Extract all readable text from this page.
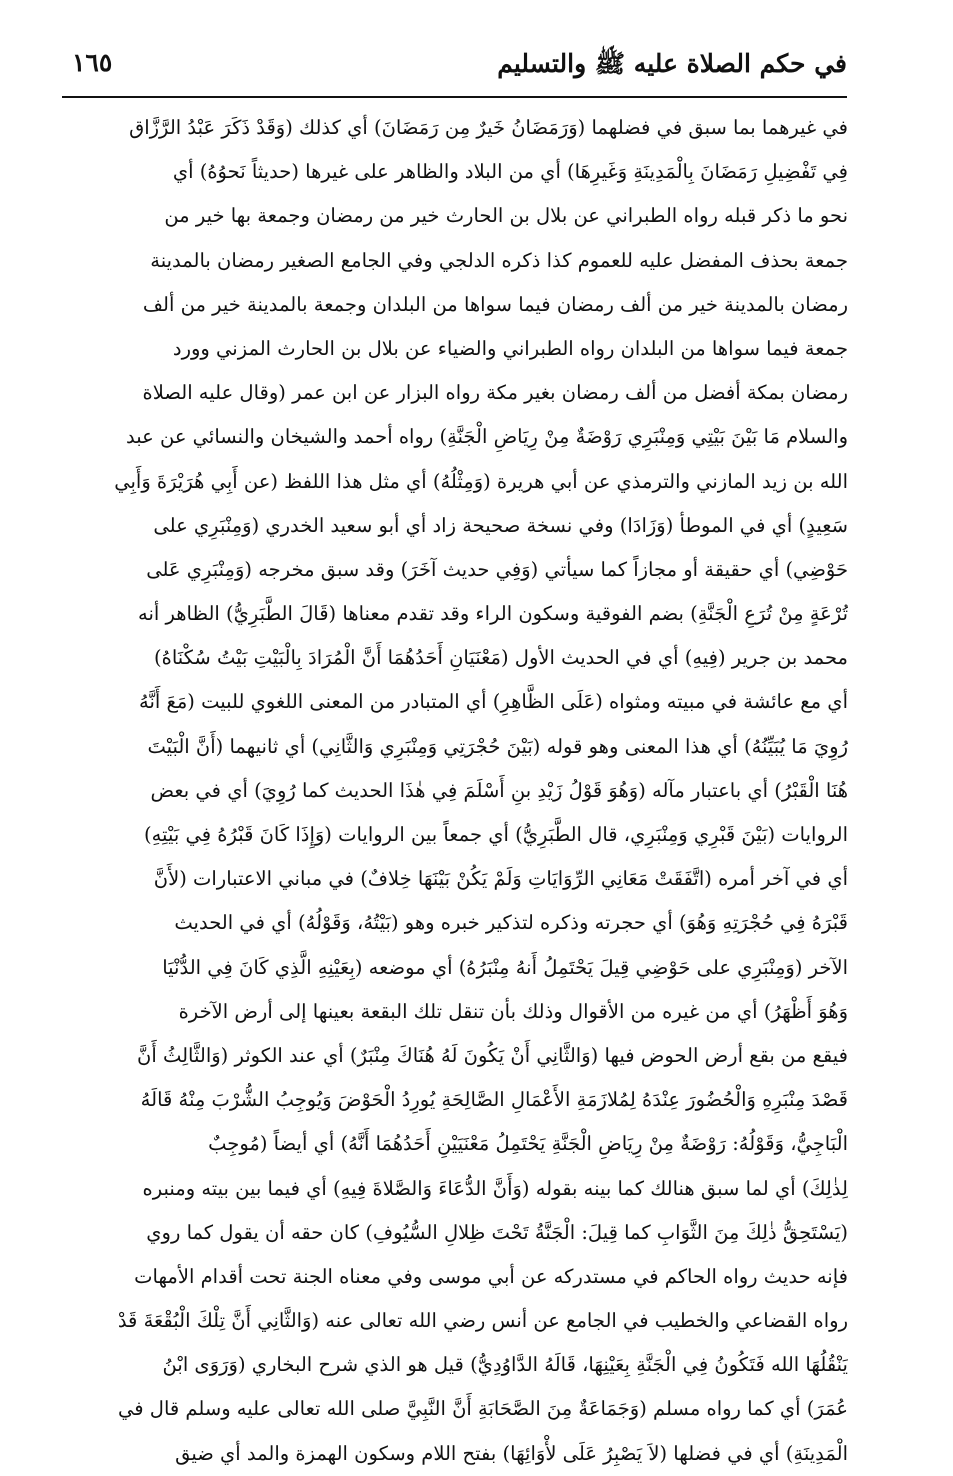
في حكم الصلاة عليه ﷺ والتسليم
١٦٥
في غيرهما بما سبق في فضلهما (وَرَمَضَانُ خَيرٌ مِن رَمَضَانَ) أي كذلك (وَقَدْ ذَكَرَ عَبْدُ الرَّزَّاق
فِي تَفْضِيلِ رَمَضَانَ بِالْمَدِينَةِ وَغَيرِهَا) أي من البلاد والظاهر على غيرها (حديثاً نَحوُهُ) أي
نحو ما ذكر قبله رواه الطبراني عن بلال بن الحارث خير من رمضان وجمعة بها خير من
جمعة بحذف المفضل عليه للعموم كذا ذكره الدلجي وفي الجامع الصغير رمضان بالمدينة
رمضان بالمدينة خير من ألف رمضان فيما سواها من البلدان وجمعة بالمدينة خير من ألف
جمعة فيما سواها من البلدان رواه الطبراني والضياء عن بلال بن الحارث المزني وورد
رمضان بمكة أفضل من ألف رمضان بغير مكة رواه البزار عن ابن عمر (وقال عليه الصلاة
والسلام مَا بَيْنَ بَيْتِي وَمِنْبَرِي رَوْضَةٌ مِنْ رِيَاضِ الْجَنَّةِ) رواه أحمد والشيخان والنسائي عن عبد
الله بن زيد المازني والترمذي عن أبي هريرة (وَمِثْلُهُ) أي مثل هذا اللفظ (عن أَبِي هُرَيْرَةَ وَأَبِي
سَعِيدٍ) أي في الموطأ (وَزَادَا) وفي نسخة صحيحة زاد أي أبو سعيد الخدري (وَمِنْبَرِي على
حَوْضِي) أي حقيقة أو مجازاً كما سيأتي (وَفِي حديث آخَرَ) وقد سبق مخرجه (وَمِنْبَرِي عَلى
تُرْعَةٍ مِنْ تُرَعِ الْجَنَّةِ) بضم الفوقية وسكون الراء وقد تقدم معناها (قَالَ الطَّبَرِيُّ) الظاهر أنه
محمد بن جرير (فِيهِ) أي في الحديث الأول (مَعْنَيَانِ أَحَدُهُمَا أَنَّ الْمُرَادَ بِالْبَيْتِ بَيْتُ سُكْنَاهُ)
أي مع عائشة في مبيته ومثواه (عَلَى الظَّاهِرِ) أي المتبادر من المعنى اللغوي للبيت (مَعَ أَنَّهُ
رُوِيَ مَا يُبَيِّنُهُ) أي هذا المعنى وهو قوله (بَيْنَ حُجْرَتِي وَمِنْبَرِي وَالثَّانِي) أي ثانيهما (أَنَّ الْبَيْتَ
هُنَا الْقَبْرُ) أي باعتبار مآله (وَهُوَ قَوْلُ زَيْدِ بنِ أَسْلَمَ فِي هٰذَا الحديث كما رُوِيَ) أي في بعض
الروايات (بَيْنَ قَبْرِي وَمِنْبَرِي، قال الطَّبَرِيُّ) أي جمعاً بين الروايات (وَإِذَا كَانَ قَبْرُهُ فِي بَيْتِهِ)
أي في آخر أمره (اتَّفَقَتْ مَعَانِي الرِّوَايَاتِ وَلَمْ يَكُنْ بَيْنَهَا خِلافٌ) في مباني الاعتبارات (لأَنَّ
قَبْرَهُ فِي حُجْرَتِهِ وَهُوَ) أي حجرته وذكره لتذكير خبره وهو (بَيْتُهُ، وَقَوْلُهُ) أي في الحديث
الآخر (وَمِنْبَرِي على حَوْضِي قِيلَ يَحْتَمِلُ أَنهُ مِنْبَرُهُ) أي موضعه (بِعَيْنِهِ الَّذِي كَانَ فِي الدُّنْيَا
وَهُوَ أَظْهَرُ) أي من غيره من الأقوال وذلك بأن تنقل تلك البقعة بعينها إلى أرض الآخرة
فيقع من بقع أرض الحوض فيها (وَالثَّانِي أَنْ يَكُونَ لَهُ هُنَاكَ مِنْبَرٌ) أي عند الكوثر (وَالثَّالِثُ أَنَّ
قَصْدَ مِنْبَرِهِ وَالْحُضُورَ عِنْدَهُ لِمُلازَمَةِ الأَعْمَالِ الصَّالِحَةِ يُورِدُ الْحَوْضَ وَيُوجِبُ الشُّرْبَ مِنْهُ قَالَهُ
الْبَاجِيُّ، وَقَوْلُهُ: رَوْضَةٌ مِنْ رِيَاضِ الْجَنَّةِ يَحْتَمِلُ مَعْنَيَيْنِ أَحَدُهُمَا أَنَّهُ) أي أيضاً (مُوجِبٌ
لِذٰلِكَ) أي لما سبق هنالك كما بينه بقوله (وَأَنَّ الدُّعَاءَ وَالصَّلاةَ فِيهِ) أي فيما بين بيته ومنبره
(يَسْتَحِقُّ ذٰلِكَ مِنَ الثَّوَابِ كما قِيلَ: الْجَنَّةُ تَحْتَ ظِلالِ السُّيُوفِ) كان حقه أن يقول كما روي
فإنه حديث رواه الحاكم في مستدركه عن أبي موسى وفي معناه الجنة تحت أقدام الأمهات
رواه القضاعي والخطيب في الجامع عن أنس رضي الله تعالى عنه (وَالثَّانِي أَنَّ تِلْكَ الْبُقْعَةَ قَدْ
يَنْقُلُهَا الله فَتَكُونُ فِي الْجَنَّةِ بِعَيْنِهَا، قَالَهُ الدَّاوُدِيُّ) قيل هو الذي شرح البخاري (وَرَوَى ابْنُ
عُمَرَ) أي كما رواه مسلم (وَجَمَاعَةٌ مِنَ الصَّحَابَةِ أَنَّ النَّبِيَّ صلى الله تعالى عليه وسلم قال في
الْمَدِينَةِ) أي في فضلها (لاَ يَصْبِرُ عَلَى لأْوَائِهَا) بفتح اللام وسكون الهمزة والمد أي ضيق
